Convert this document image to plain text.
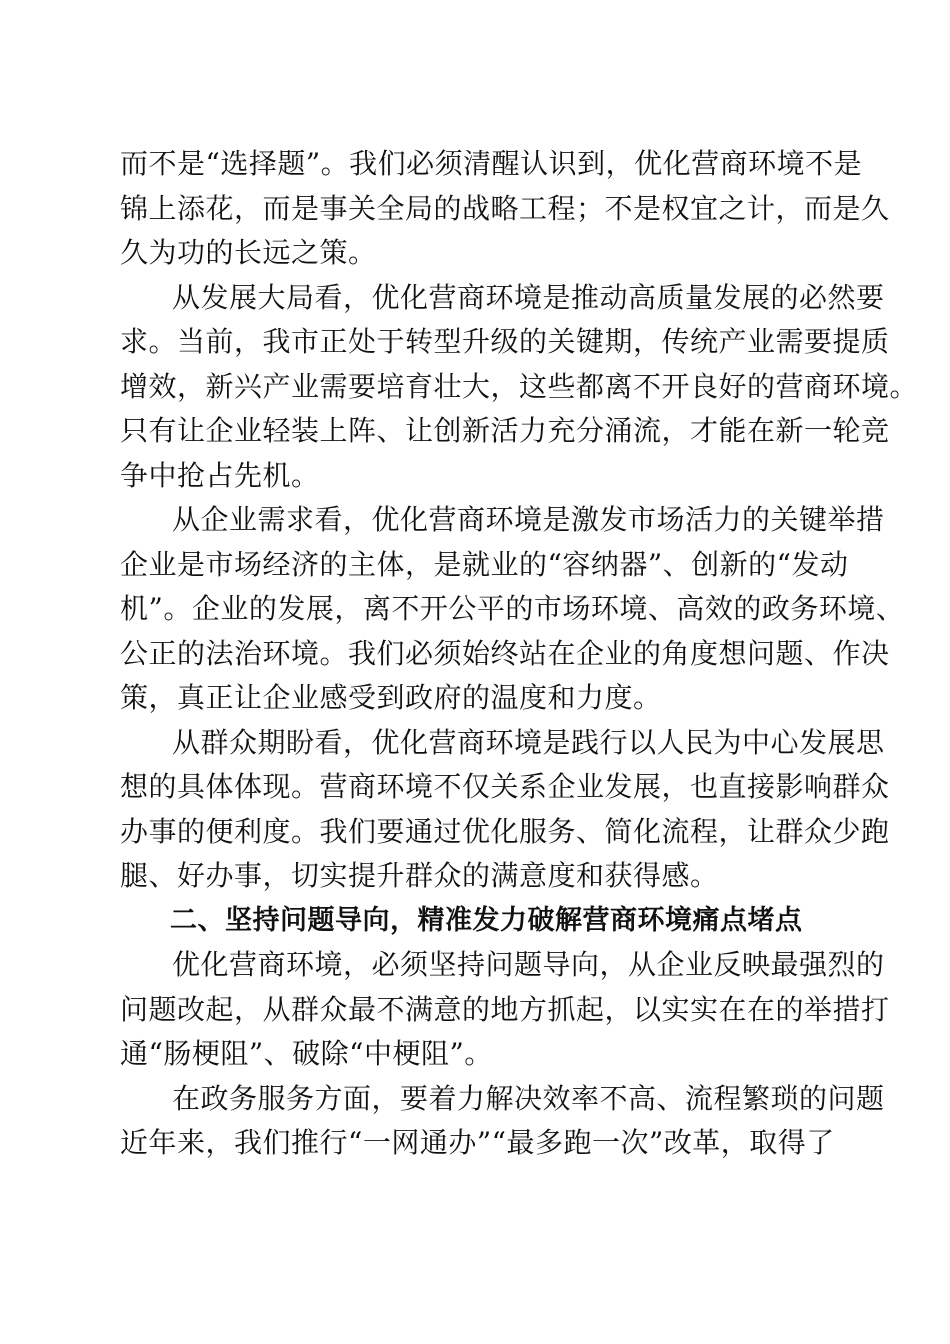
而不是“选择题”。我们必须清醒认识到，优化营商环境不是
锦上添花，而是事关全局的战略工程；不是权宜之计，而是久
久为功的长远之策。

从发展大局看，优化营商环境是推动高质量发展的必然要
求。当前，我市正处于转型升级的关键期，传统产业需要提质
增效，新兴产业需要培育壮大，这些都离不开良好的营商环境。
只有让企业轻装上阵、让创新活力充分涌流，才能在新一轮竞
争中抢占先机。

从企业需求看，优化营商环境是激发市场活力的关键举措
企业是市场经济的主体，是就业的“容纳器”、创新的“发动
机”。企业的发展，离不开公平的市场环境、高效的政务环境、
公正的法治环境。我们必须始终站在企业的角度想问题、作决
策，真正让企业感受到政府的温度和力度。

从群众期盼看，优化营商环境是践行以人民为中心发展思
想的具体体现。营商环境不仅关系企业发展，也直接影响群众
办事的便利度。我们要通过优化服务、简化流程，让群众少跑
腿、好办事，切实提升群众的满意度和获得感。

二、坚持问题导向，精准发力破解营商环境痛点堵点

优化营商环境，必须坚持问题导向，从企业反映最强烈的
问题改起，从群众最不满意的地方抓起，以实实在在的举措打
通“肠梗阻”、破除“中梗阻”。

在政务服务方面，要着力解决效率不高、流程繁琐的问题
近年来，我们推行“一网通办”“最多跑一次”改革，取得了
